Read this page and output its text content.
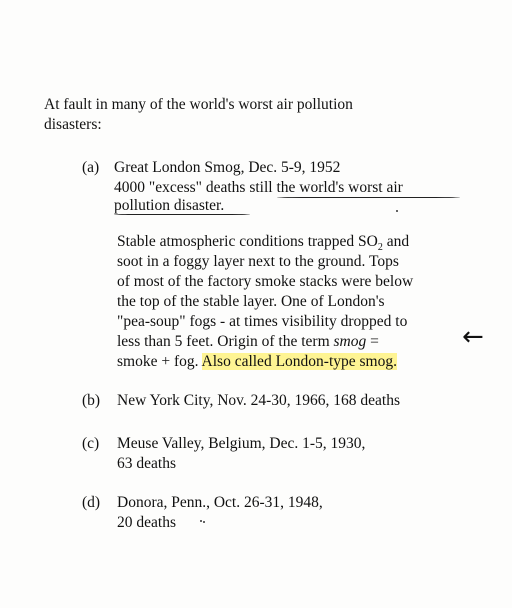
At fault in many of the world's worst air pollution
disasters:
(a) Great London Smog, Dec. 5-9, 1952
4000 "excess" deaths still the world's worst air
pollution disaster.
Stable atmospheric conditions trapped $SO_2$ and
soot in a foggy layer next to the ground. Tops
of most of the factory smoke stacks were below
the top of the stable layer. One of London's
"pea-soup" fogs - at times visibility dropped to
less than 5 feet. Origin of the term smog =
smoke + fog. Also called London-type smog.
←
(b) New York City, Nov. 24-30, 1966, 168 deaths
(c) Meuse Valley, Belgium, Dec. 1-5, 1930,
63 deaths
(d) Donora, Penn., Oct. 26-31, 1948,
20 deaths
